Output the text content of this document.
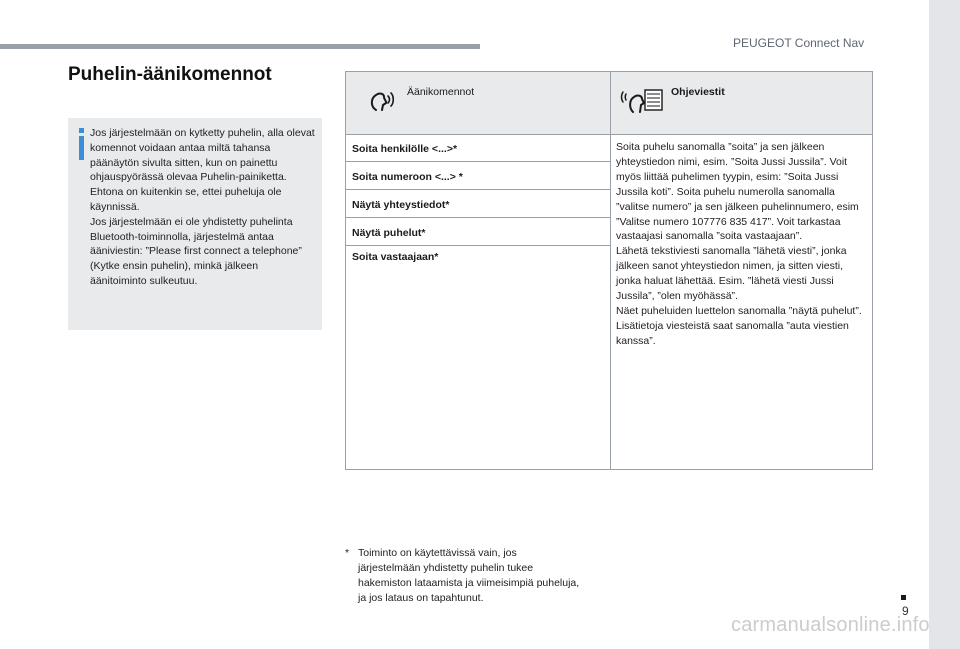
PEUGEOT Connect Nav
Puhelin-äänikomennot

Jos järjestelmään on kytketty puhelin, alla olevat komennot voidaan antaa miltä tahansa päänäytön sivulta sitten, kun on painettu ohjauspyörässä olevaa Puhelin-painiketta. Ehtona on kuitenkin se, ettei puheluja ole käynnissä.

Jos järjestelmään ei ole yhdistetty puhelinta Bluetooth-toiminnolla, järjestelmä antaa ääniviestin: ”Please first connect a telephone” (Kytke ensin puhelin), minkä jälkeen äänitoiminto sulkeutuu.

Äänikomennot	Ohjeviestit
Soita henkilölle <...>*
Soita numeroon <...> *
Näytä yhteystiedot*
Näytä puhelut*
Soita vastaajaan*

Soita puhelu sanomalla ”soita” ja sen jälkeen yhteystiedon nimi, esim. ”Soita Jussi Jussila”. Voit myös liittää puhelimen tyypin, esim: ”Soita Jussi Jussila koti”. Soita puhelu numerolla sanomalla ”valitse numero” ja sen jälkeen puhelinnumero, esim ”Valitse numero 107776 835 417”. Voit tarkastaa vastaajasi sanomalla ”soita vastaajaan”.

Lähetä tekstiviesti sanomalla ”lähetä viesti”, jonka jälkeen sanot yhteystiedon nimen, ja sitten viesti, jonka haluat lähettää. Esim. ”lähetä viesti Jussi Jussila”, ”olen myöhässä”.

Näet puheluiden luettelon sanomalla ”näytä puhelut”. Lisätietoja viesteistä saat sanomalla ”auta viestien kanssa”.

* Toiminto on käytettävissä vain, jos järjestelmään yhdistetty puhelin tukee hakemiston lataamista ja viimeisimpiä puheluja, ja jos lataus on tapahtunut.
9
carmanualsonline.info
